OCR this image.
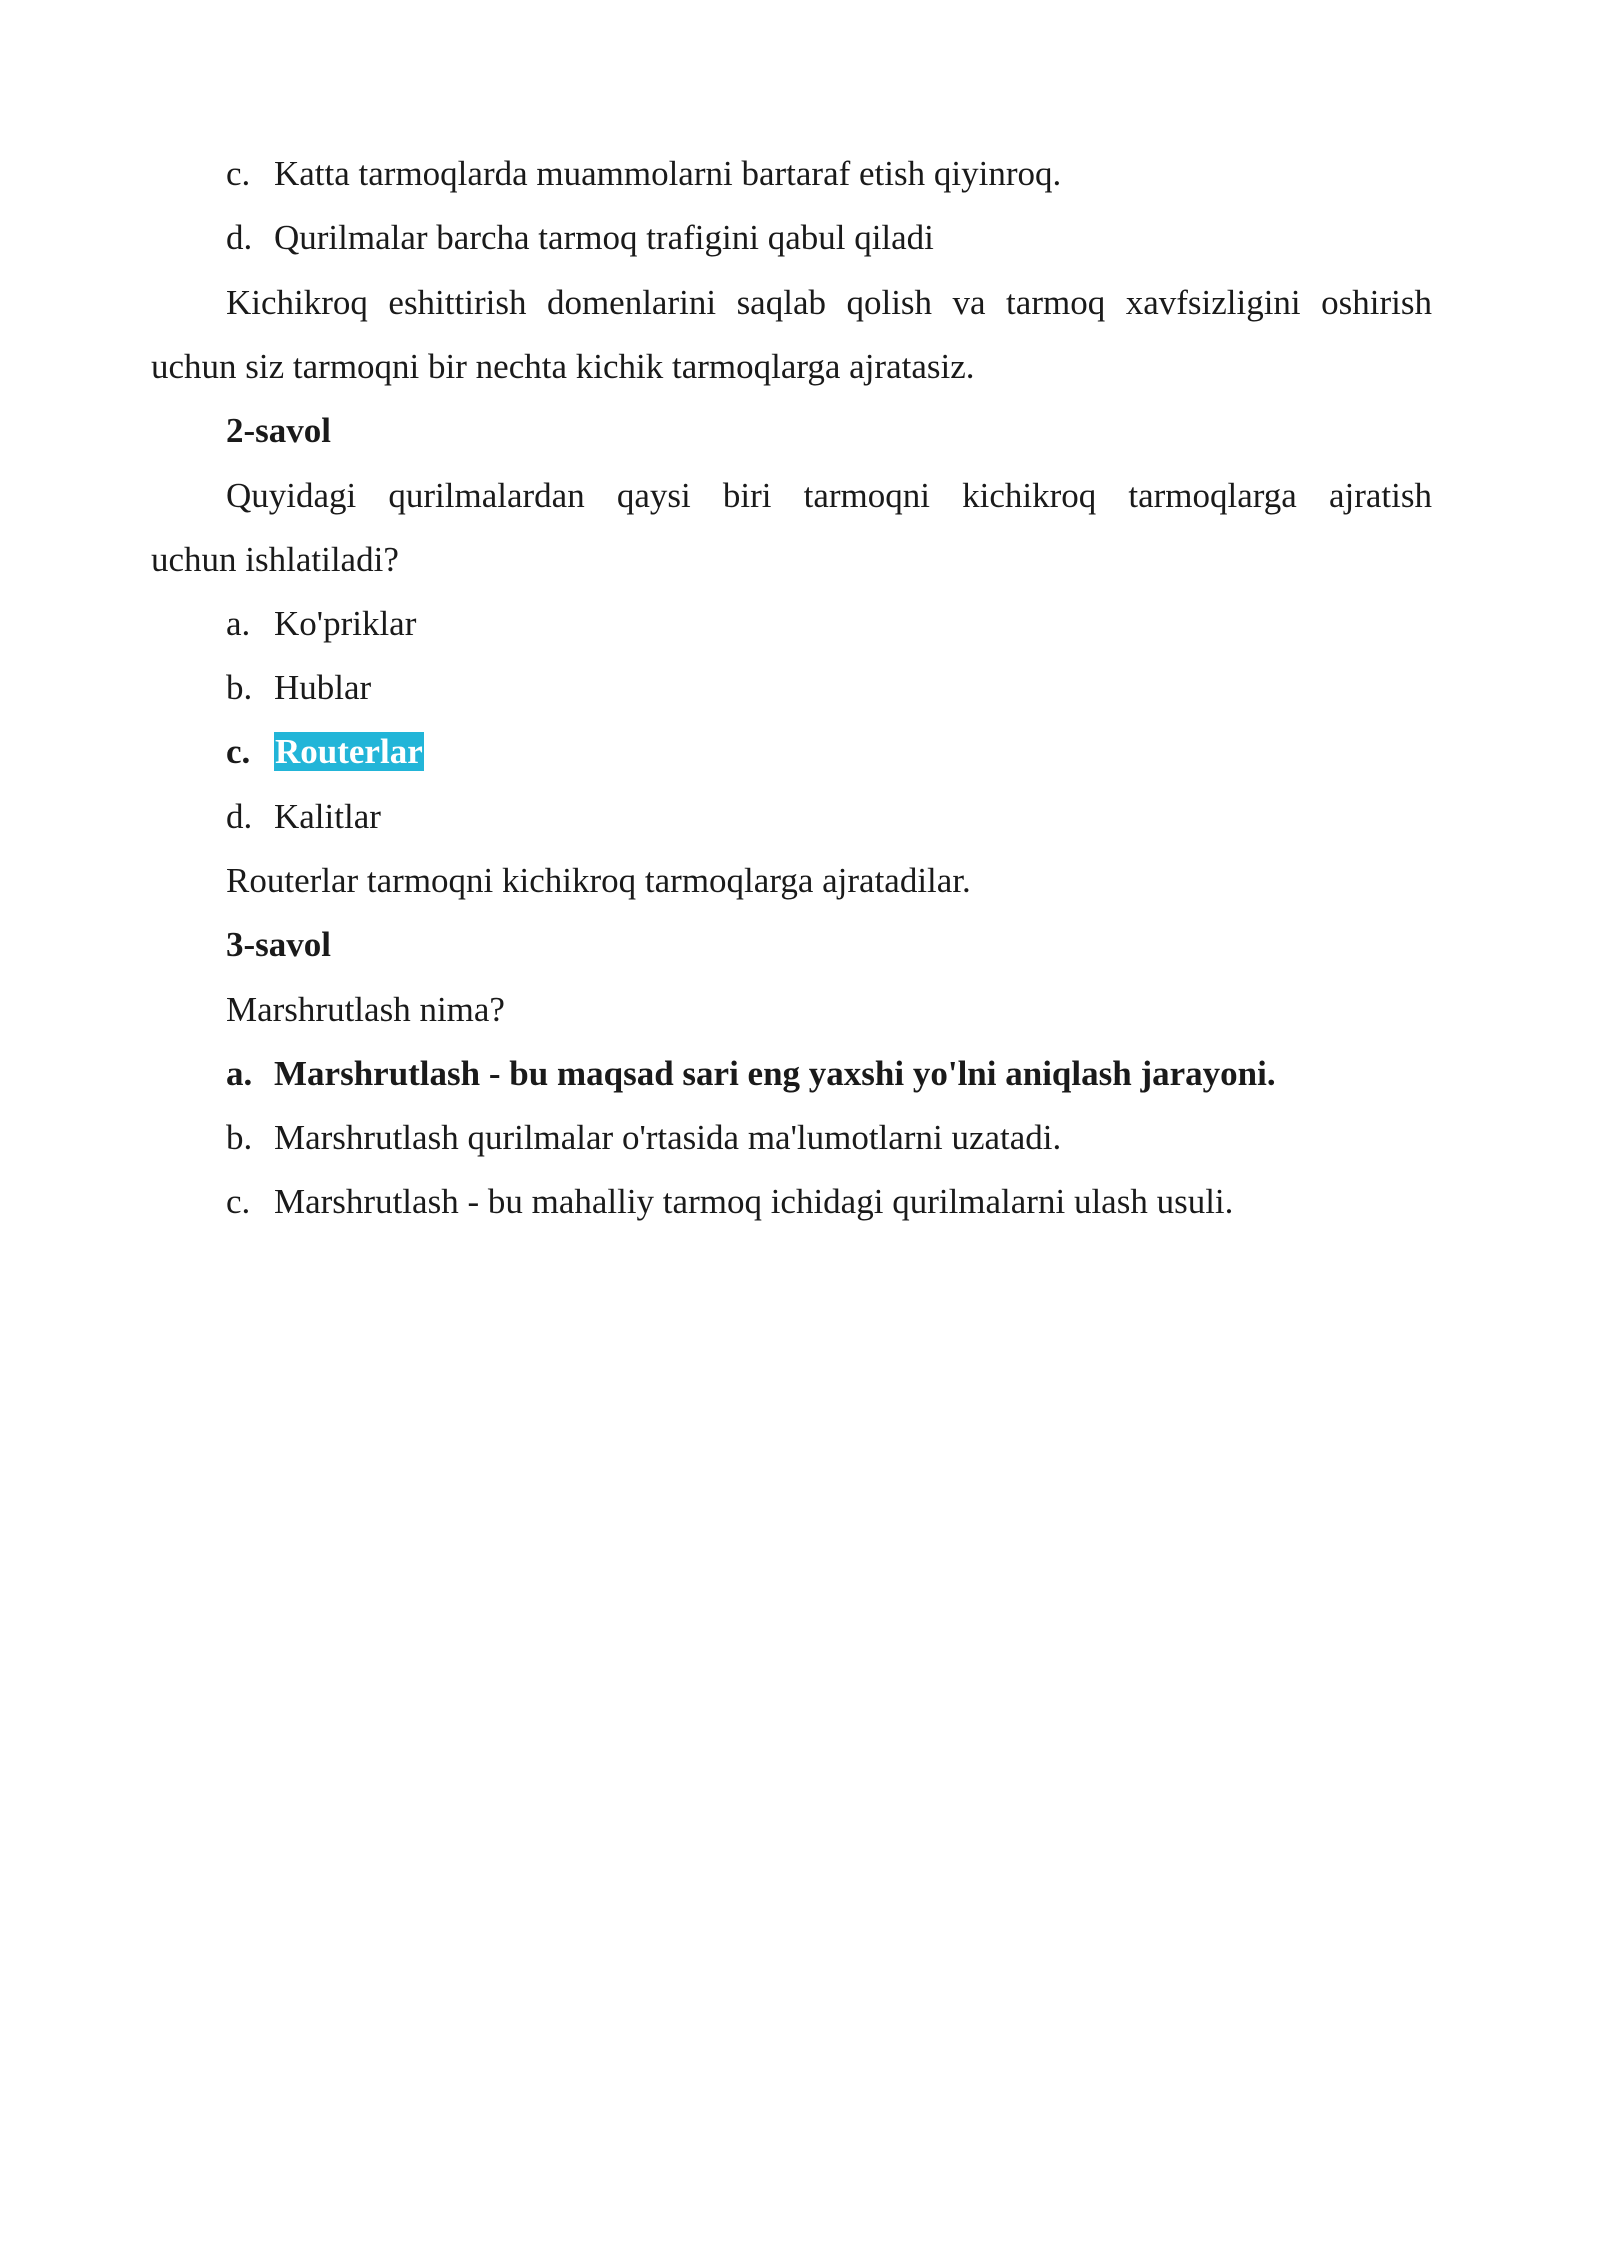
c. Katta tarmoqlarda muammolarni bartaraf etish qiyinroq.
d. Qurilmalar barcha tarmoq trafigini qabul qiladi
Kichikroq eshittirish domenlarini saqlab qolish va tarmoq xavfsizligini oshirish
uchun siz tarmoqni bir nechta kichik tarmoqlarga ajratasiz.
2-savol
Quyidagi qurilmalardan qaysi biri tarmoqni kichikroq tarmoqlarga ajratish
uchun ishlatiladi?
a. Ko'priklar
b. Hublar
c. Routerlar
d. Kalitlar
Routerlar tarmoqni kichikroq tarmoqlarga ajratadilar.
3-savol
Marshrutlash nima?
a. Marshrutlash - bu maqsad sari eng yaxshi yo'lni aniqlash jarayoni.
b. Marshrutlash qurilmalar o'rtasida ma'lumotlarni uzatadi.
c. Marshrutlash - bu mahalliy tarmoq ichidagi qurilmalarni ulash usuli.
